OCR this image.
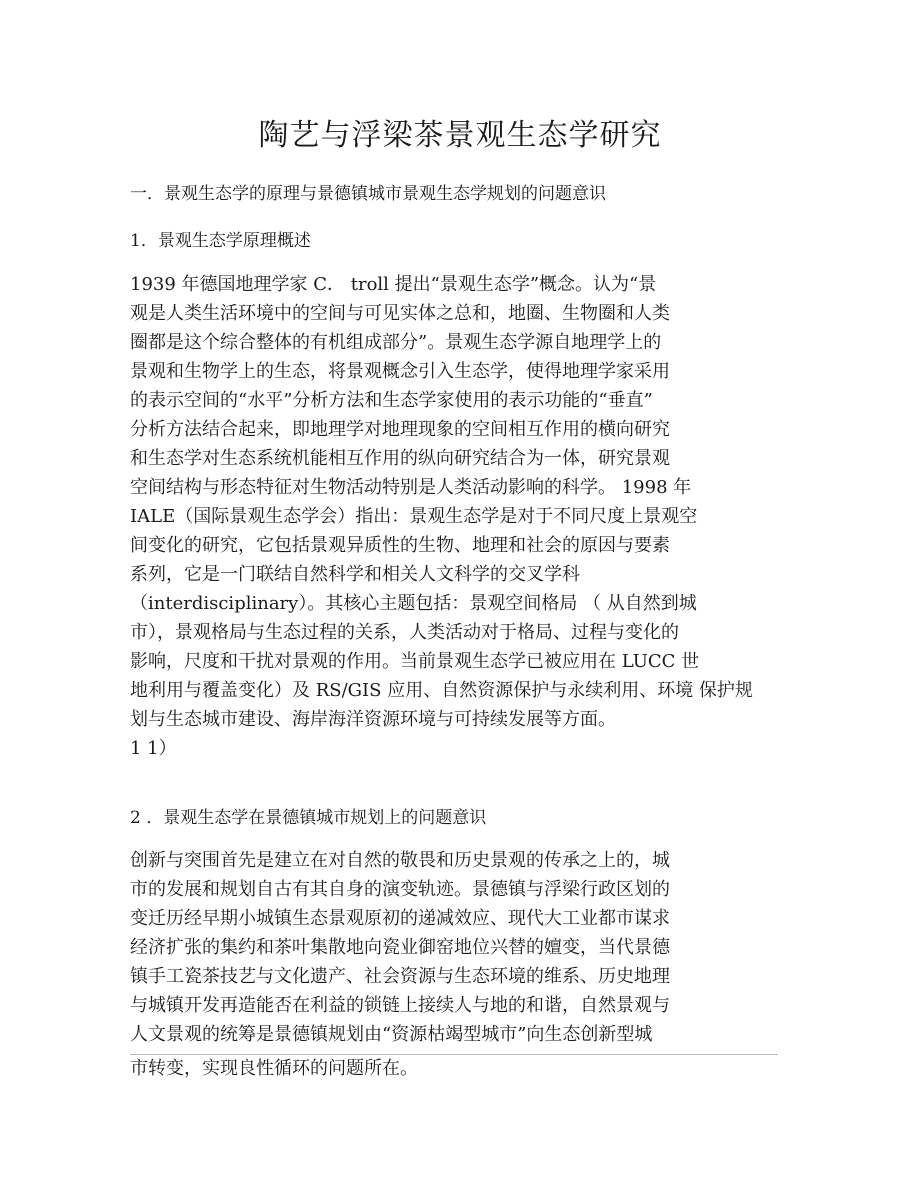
陶艺与浮梁茶景观生态学研究
一．景观生态学的原理与景德镇城市景观生态学规划的问题意识
1．景观生态学原理概述
1939 年德国地理学家 C． troll 提出“景观生态学”概念。认为“景
观是人类生活环境中的空间与可见实体之总和，地圈、生物圈和人类
圈都是这个综合整体的有机组成部分”。景观生态学源自地理学上的
景观和生物学上的生态，将景观概念引入生态学，使得地理学家采用
的表示空间的“水平”分析方法和生态学家使用的表示功能的“垂直”
分析方法结合起来，即地理学对地理现象的空间相互作用的横向研究
和生态学对生态系统机能相互作用的纵向研究结合为一体，研究景观
空间结构与形态特征对生物活动特别是人类活动影响的科学。 1998 年
IALE（国际景观生态学会）指出：景观生态学是对于不同尺度上景观空
间变化的研究，它包括景观异质性的生物、地理和社会的原因与要素
系列，它是一门联结自然科学和相关人文科学的交叉学科
（interdisciplinary）。其核心主题包括：景观空间格局 （ 从自然到城
市），景观格局与生态过程的关系，人类活动对于格局、过程与变化的
影响，尺度和干扰对景观的作用。当前景观生态学已被应用在 LUCC 世
地利用与覆盖变化）及 RS/GIS 应用、自然资源保护与永续利用、环境 保护规
划与生态城市建设、海岸海洋资源环境与可持续发展等方面。
1 1）
2 ．景观生态学在景德镇城市规划上的问题意识
创新与突围首先是建立在对自然的敬畏和历史景观的传承之上的，城
市的发展和规划自古有其自身的演变轨迹。景德镇与浮梁行政区划的
变迁历经早期小城镇生态景观原初的递减效应、现代大工业都市谋求
经济扩张的集约和茶叶集散地向瓷业御窑地位兴替的嬗变，当代景德
镇手工瓷茶技艺与文化遗产、社会资源与生态环境的维系、历史地理
与城镇开发再造能否在利益的锁链上接续人与地的和谐，自然景观与
人文景观的统筹是景德镇规划由“资源枯竭型城市”向生态创新型城
市转变，实现良性循环的问题所在。
